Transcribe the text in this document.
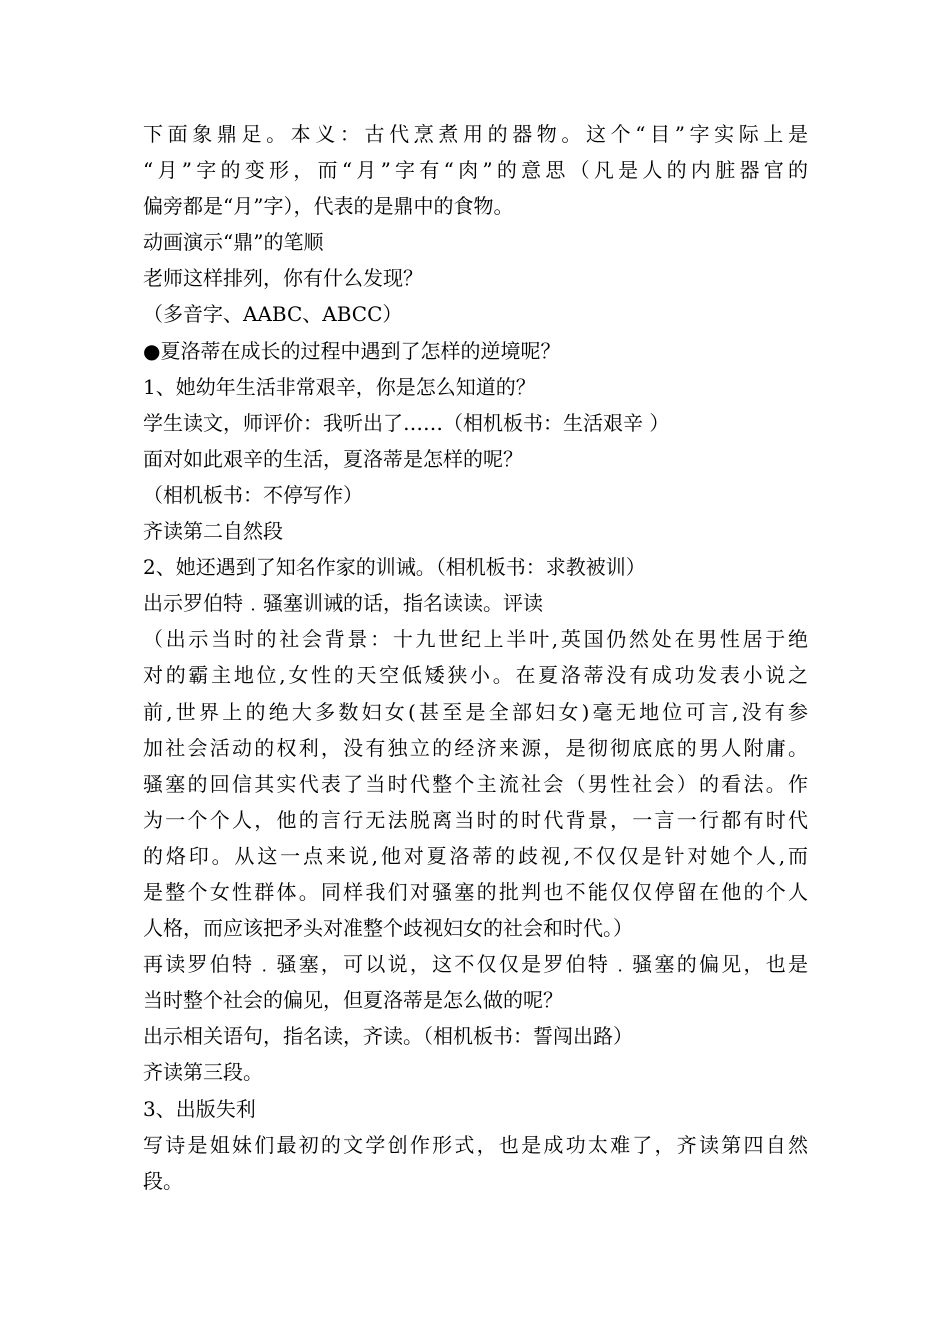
下面象鼎足。本义：古代烹煮用的器物。这个“目”字实际上是
“月”字的变形，而“月”字有“肉”的意思（凡是人的内脏器官的
偏旁都是“月”字），代表的是鼎中的食物。
动画演示“鼎”的笔顺
老师这样排列，你有什么发现？
（多音字、AABC、ABCC）
●夏洛蒂在成长的过程中遇到了怎样的逆境呢？
1、她幼年生活非常艰辛，你是怎么知道的？
学生读文，师评价：我听出了……（相机板书：生活艰辛 ）
面对如此艰辛的生活，夏洛蒂是怎样的呢？
（相机板书：不停写作）
齐读第二自然段
2、她还遇到了知名作家的训诫。（相机板书：求教被训）
出示罗伯特﹒骚塞训诫的话，指名读读。评读
（出示当时的社会背景：十九世纪上半叶,英国仍然处在男性居于绝
对的霸主地位,女性的天空低矮狭小。在夏洛蒂没有成功发表小说之
前,世界上的绝大多数妇女(甚至是全部妇女)毫无地位可言,没有参
加社会活动的权利，没有独立的经济来源，是彻彻底底的男人附庸。
骚塞的回信其实代表了当时代整个主流社会（男性社会）的看法。作
为一个个人，他的言行无法脱离当时的时代背景，一言一行都有时代
的烙印。从这一点来说,他对夏洛蒂的歧视,不仅仅是针对她个人,而
是整个女性群体。同样我们对骚塞的批判也不能仅仅停留在他的个人
人格，而应该把矛头对准整个歧视妇女的社会和时代。）
再读罗伯特﹒骚塞，可以说，这不仅仅是罗伯特﹒骚塞的偏见，也是
当时整个社会的偏见，但夏洛蒂是怎么做的呢？
出示相关语句，指名读，齐读。（相机板书：誓闯出路）
齐读第三段。
3、出版失利
写诗是姐妹们最初的文学创作形式，也是成功太难了，齐读第四自然
段。
